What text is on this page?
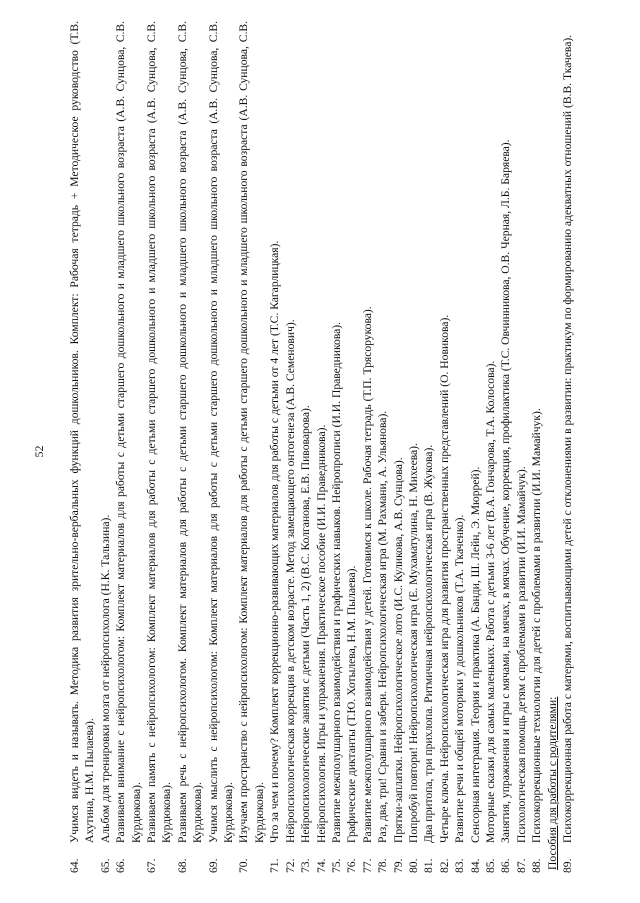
52
64.
Учимся видеть и называть. Методика развития зрительно-вербальных функций дошкольников. Комплект: Рабочая тетрадь + Методическое руководство (Т.В. Ахутина, Н.М. Пылаева).
65.
Альбом для тренировки мозга от нейропсихолога (Н.К. Тальзина).
66.
Развиваем внимание с нейропсихологом: Комплект материалов для работы с детьми старшего дошкольного и младшего школьного возраста (А.В. Сунцова, С.В. Курдюкова).
67.
Развиваем память с нейропсихологом: Комплект материалов для работы с детьми старшего дошкольного и младшего школьного возраста (А.В. Сунцова, С.В. Курдюкова).
68.
Развиваем речь с нейропсихологом. Комплект материалов для работы с детьми старшего дошкольного и младшего школьного возраста (А.В. Сунцова, С.В. Курдюкова).
69.
Учимся мыслить с нейропсихологом: Комплект материалов для работы с детьми старшего дошкольного и младшего школьного возраста (А.В. Сунцова, С.В. Курдюкова).
70.
Изучаем пространство с нейропсихологом: Комплект материалов для работы с детьми старшего дошкольного и младшего школьного возраста (А.В. Сунцова, С.В. Курдюкова).
71.
Что за чем и почему? Комплект коррекционно-развивающих материалов для работы с детьми от 4 лет (Т.С. Кагарлицкая).
72.
Нейропсихологическая коррекция в детском возрасте. Метод замещающего онтогенеза (А.В. Семенович).
73.
Нейропсихологические занятия с детьми (Часть 1, 2) (В.С. Колганова, Е.В. Пивоварова).
74.
Нейропсихология. Игры и упражнения. Практическое пособие (И.И. Праведникова).
75.
Развитие межполушарного взаимодействия и графических навыков. Нейропрописи (И.И. Праведникова).
76.
Графические диктанты (Т.Ю. Хотылева, Н.М. Пылаева).
77.
Развитие межполушарного взаимодействия у детей. Готовимся к школе. Рабочая тетрадь (Т.П. Трясорукова).
78.
Раз, два, три! Сравни и забери. Нейропсихологическая игра (М. Рахмани, А. Ульянова).
79.
Прятки-заплатки. Нейропсихологическое лото (И.С. Куликова, А.В. Сунцова).
80.
Попробуй повтори! Нейропсихологическая игра (Е. Мухаматулина, Н. Михеева).
81.
Два притопа, три прихлопа. Ритмичная нейропсихологическая игра (В. Жукова).
82.
Четыре ключа. Нейропсихологическая игра для развития пространственных представлений (О. Новикова).
83.
Развитие речи и общей моторики у дошкольников (Т.А. Ткаченко).
84.
Сенсорная интеграция. Теория и практика (А. Банди, Ш. Лейн, Э. Мюррей).
85.
Моторные сказки для самых маленьких. Работа с детьми 3-6 лет (В.А. Гончарова, Т.А. Колосова).
86.
Занятия, упражнения и игры с мячами, на мячах, в мячах. Обучение, коррекция, профилактика (Т.С. Овчинникова, О.В. Черная, Л.Б. Баряева).
87.
Психологическая помощь детям с проблемами в развитии (И.И. Мамайчук).
88.
Психокоррекционные технологии для детей с проблемами в развитии (И.И. Мамайчук). Пособия для работы с родителями: 89.
Психокоррекционная работа с матерями, воспитывающими детей с отклонениями в развитии: практикум по формированию адекватных отношений (В.В. Ткачева).
